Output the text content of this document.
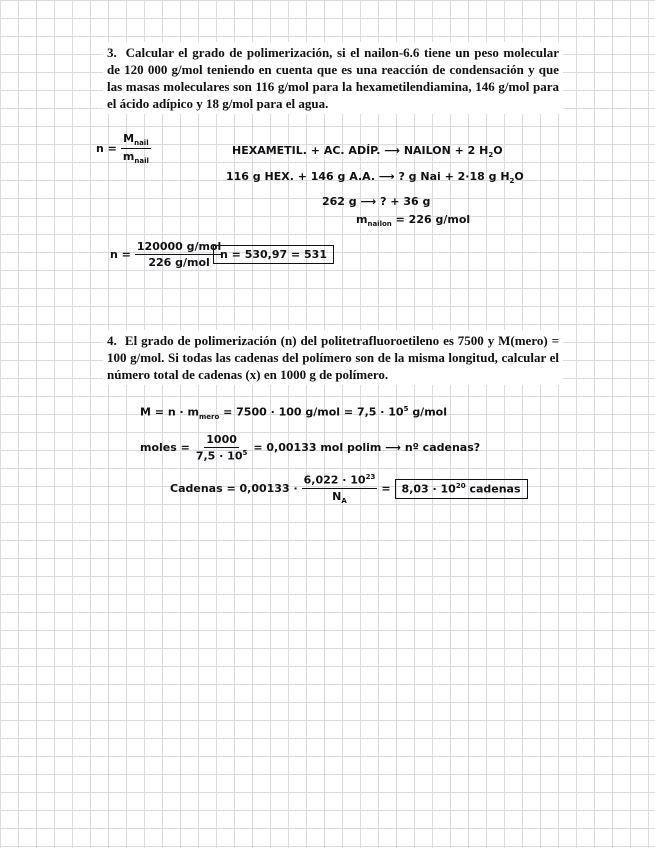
3. Calcular el grado de polimerización, si el nailon-6.6 tiene un peso molecular de 120 000 g/mol teniendo en cuenta que es una reacción de condensación y que las masas moleculares son 116 g/mol para la hexametilendiamina, 146 g/mol para el ácido adípico y 18 g/mol para el agua.
$n = \frac{M_{nail}}{m_{nail}}$	HEXAMETIL. + AC. ADÍP. ⟶ NAILON + 2 $H_2O$
116 g HEX. + 146 g A.A. ⟶ ? g Nai + 2·18 g $H_2O$
262 g ⟶ ? + 36 g
$m_{nailon} = 226$ g/mol
$n = \frac{\text{120000 g/mol}}{\text{226 g/mol}}$
n = 530,97 = 531
4. El grado de polimerización (n) del politetrafluoroetileno es 7500 y M(mero) = 100 g/mol. Si todas las cadenas del polímero son de la misma longitud, calcular el número total de cadenas (x) en 1000 g de polímero.
$M = n \cdot m_{mero} = 7500 \cdot 100$ $g/mol = 7,5 \cdot 10^5$ g/mol
moles = $\frac{1000}{7,5 \cdot 10^5} = 0,00133$ mol polim ⟶ nº cadenas?
Cadenas = $0,00133 \cdot \frac{6,022 \cdot 10^{23}}{N_A}$ =	$8,03 \cdot 10^{20}$ cadenas
